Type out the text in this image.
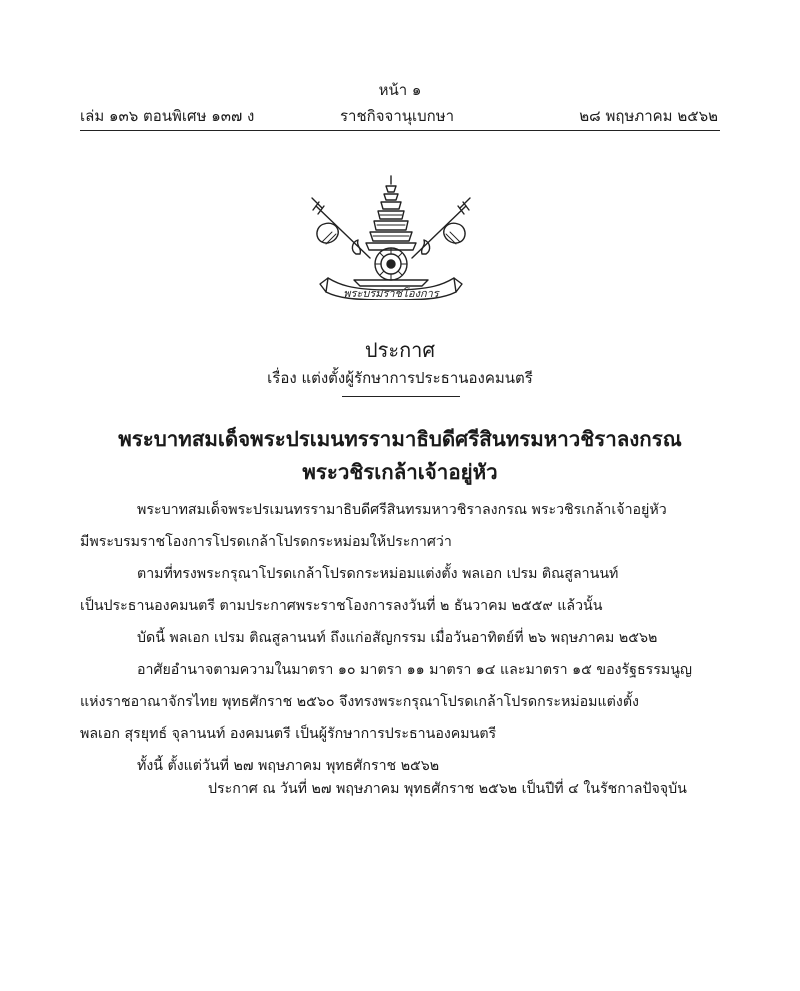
หน้า ๑
เล่ม ๑๓๖ ตอนพิเศษ ๑๓๗ ง	ราชกิจจานุเบกษา	๒๘ พฤษภาคม ๒๕๖๒
พระบรมราชโองการ
ประกาศ
เรื่อง แต่งตั้งผู้รักษาการประธานองคมนตรี
พระบาทสมเด็จพระปรเมนทรรามาธิบดีศรีสินทรมหาวชิราลงกรณ
พระวชิรเกล้าเจ้าอยู่หัว
พระบาทสมเด็จพระปรเมนทรรามาธิบดีศรีสินทรมหาวชิราลงกรณ พระวชิรเกล้าเจ้าอยู่หัว
มีพระบรมราชโองการโปรดเกล้าโปรดกระหม่อมให้ประกาศว่า
ตามที่ทรงพระกรุณาโปรดเกล้าโปรดกระหม่อมแต่งตั้ง พลเอก เปรม ติณสูลานนท์
เป็นประธานองคมนตรี ตามประกาศพระราชโองการลงวันที่ ๒ ธันวาคม ๒๕๕๙ แล้วนั้น
บัดนี้ พลเอก เปรม ติณสูลานนท์ ถึงแก่อสัญกรรม เมื่อวันอาทิตย์ที่ ๒๖ พฤษภาคม ๒๕๖๒
อาศัยอำนาจตามความในมาตรา ๑๐ มาตรา ๑๑ มาตรา ๑๔ และมาตรา ๑๕ ของรัฐธรรมนูญ
แห่งราชอาณาจักรไทย พุทธศักราช ๒๕๖๐ จึงทรงพระกรุณาโปรดเกล้าโปรดกระหม่อมแต่งตั้ง
พลเอก สุรยุทธ์ จุลานนท์ องคมนตรี เป็นผู้รักษาการประธานองคมนตรี
ทั้งนี้ ตั้งแต่วันที่ ๒๗ พฤษภาคม พุทธศักราช ๒๕๖๒
ประกาศ ณ วันที่ ๒๗ พฤษภาคม พุทธศักราช ๒๕๖๒ เป็นปีที่ ๔ ในรัชกาลปัจจุบัน
